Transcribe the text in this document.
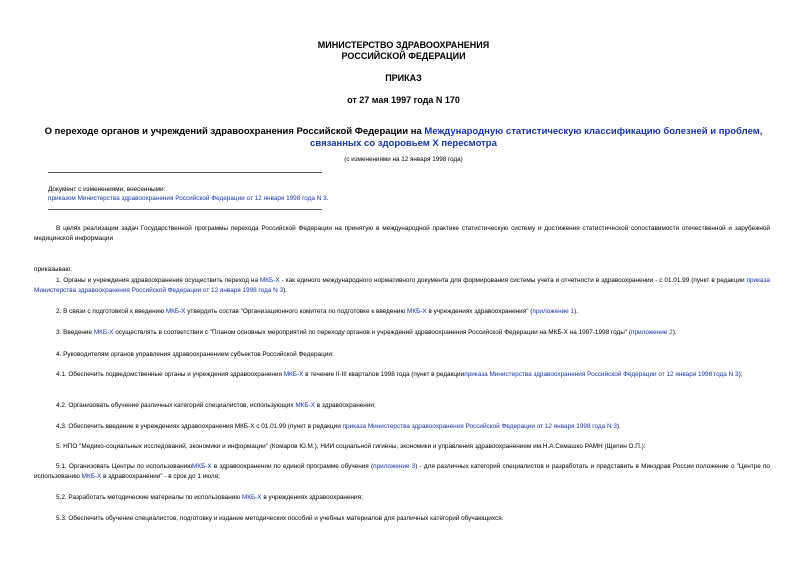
МИНИСТЕРСТВО ЗДРАВООХРАНЕНИЯ
РОССИЙСКОЙ ФЕДЕРАЦИИ
ПРИКАЗ
от 27 мая 1997 года N 170
О переходе органов и учреждений здравоохранения Российской Федерации на Международную статистическую классификацию болезней и проблем, связанных со здоровьем X пересмотра
(с изменениями на 12 января 1998 года)
Документ с изменениями, внесенными:
приказом Министерства здравоохранения Российской Федерации от 12 января 1998 года N 3.
В целях реализации задач Государственной программы перехода Российской Федерации на принятую в международной практике статистическую систему и достижения статистической сопоставимости отечественной и зарубежной медицинской информации
приказываю:
1. Органы и учреждения здравоохранения осуществить переход на МКБ-X - как единого международного нормативного документа для формирования системы учета и отчетности в здравоохранении - с 01.01.99 (пункт в редакции приказа Министерства здравоохранения Российской Федерации от 12 января 1998 года N 3).
2. В связи с подготовкой к введению МКБ-X утвердить состав "Организационного комитета по подготовке к введению МКБ-X в учреждениях здравоохранения" (приложение 1).
3. Введение МКБ-X осуществлять в соответствии с "Планом основных мероприятий по переходу органов и учреждений здравоохранения Российской Федерации на МКБ-X на 1997-1998 годы" (приложение 2).
4. Руководителям органов управления здравоохранением субъектов Российской Федерации:
4.1. Обеспечить подведомственные органы и учреждения здравоохранения МКБ-X в течение II-III кварталов 1998 года (пункт в редакцииприказа Министерства здравоохранения Российской Федерации от 12 января 1998 года N 3);
4.2. Организовать обучение различных категорий специалистов, использующих МКБ-X в здравоохранении;
4.3. Обеспечить введение в учреждениях здравоохранения МКБ-X с 01.01.99 (пункт в редакции приказа Министерства здравоохранения Российской Федерации от 12 января 1998 года N 3).
5. НПО "Медико-социальных исследований, экономики и информации" (Комаров Ю.М.), НИИ социальной гигиены, экономики и управления здравоохранением им.Н.А.Семашко РАМН (Щепин О.П.):
5.1. Организовать Центры по использованиюМКБ-X в здравоохранении по единой программе обучения (приложение 3) - для различных категорий специалистов и разработать и представить в Минздрав России положение о "Центре по использованию МКБ-X в здравоохранении" - в срок до 1 июля;
5.2. Разработать методические материалы по использованию МКБ-X в учреждениях здравоохранения;
5.3. Обеспечить обучение специалистов, подготовку и издание методических пособий и учебных материалов для различных категорий обучающихся.
